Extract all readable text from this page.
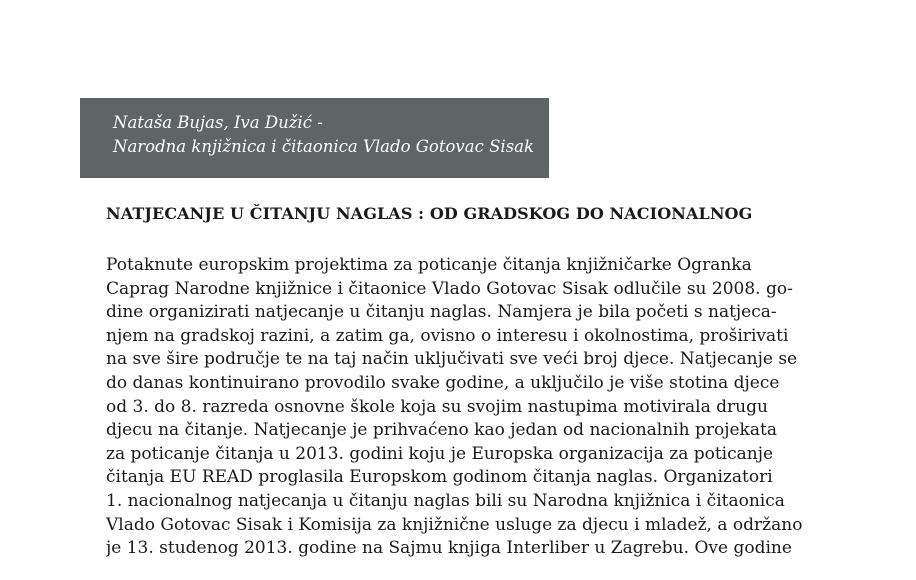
Nataša Bujas, Iva Dužić -
Narodna knjižnica i čitaonica Vlado Gotovac Sisak
NATJECANJE U ČITANJU NAGLAS : OD GRADSKOG DO NACIONALNOG
Potaknute europskim projektima za poticanje čitanja knjižničarke Ogranka
Caprag Narodne knjižnice i čitaonice Vlado Gotovac Sisak odlučile su 2008. go-
dine organizirati natjecanje u čitanju naglas. Namjera je bila početi s natjeca-
njem na gradskoj razini, a zatim ga, ovisno o interesu i okolnostima, proširivati
na sve šire područje te na taj način uključivati sve veći broj djece. Natjecanje se
do danas kontinuirano provodilo svake godine, a uključilo je više stotina djece
od 3. do 8. razreda osnovne škole koja su svojim nastupima motivirala drugu
djecu na čitanje. Natjecanje je prihvaćeno kao jedan od nacionalnih projekata
za poticanje čitanja u 2013. godini koju je Europska organizacija za poticanje
čitanja EU READ proglasila Europskom godinom čitanja naglas. Organizatori
1. nacionalnog natjecanja u čitanju naglas bili su Narodna knjižnica i čitaonica
Vlado Gotovac Sisak i Komisija za knjižnične usluge za djecu i mladež, a održano
je 13. studenog 2013. godine na Sajmu knjiga Interliber u Zagrebu. Ove godine
